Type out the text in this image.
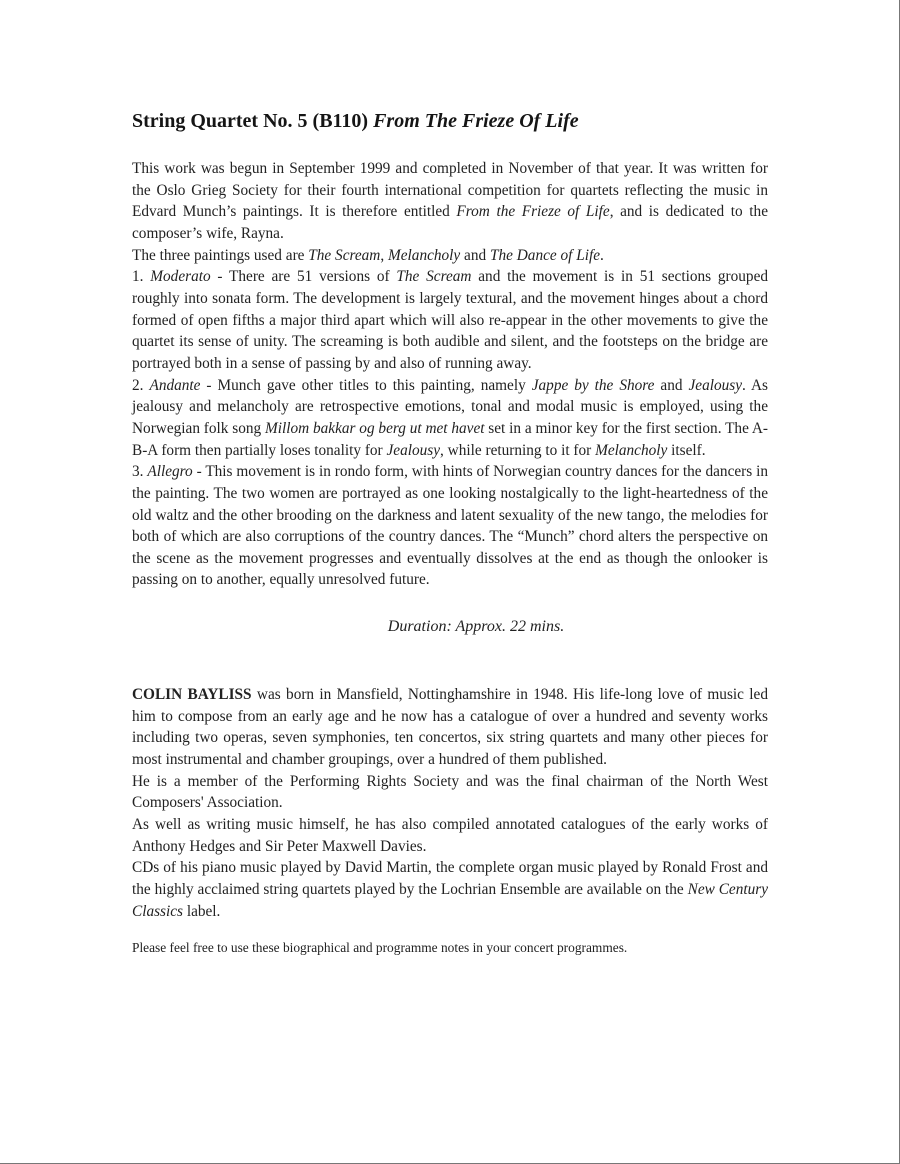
String Quartet No. 5 (B110) From The Frieze Of Life
This work was begun in September 1999 and completed in November of that year. It was written for the Oslo Grieg Society for their fourth international competition for quartets reflecting the music in Edvard Munch’s paintings. It is therefore entitled From the Frieze of Life, and is dedicated to the composer’s wife, Rayna.
The three paintings used are The Scream, Melancholy and The Dance of Life.
1. Moderato - There are 51 versions of The Scream and the movement is in 51 sections grouped roughly into sonata form. The development is largely textural, and the movement hinges about a chord formed of open fifths a major third apart which will also re-appear in the other movements to give the quartet its sense of unity. The screaming is both audible and silent, and the footsteps on the bridge are portrayed both in a sense of passing by and also of running away.
2. Andante - Munch gave other titles to this painting, namely Jappe by the Shore and Jealousy. As jealousy and melancholy are retrospective emotions, tonal and modal music is employed, using the Norwegian folk song Millom bakkar og berg ut met havet set in a minor key for the first section. The A-B-A form then partially loses tonality for Jealousy, while returning to it for Melancholy itself.
3. Allegro - This movement is in rondo form, with hints of Norwegian country dances for the dancers in the painting. The two women are portrayed as one looking nostalgically to the light-heartedness of the old waltz and the other brooding on the darkness and latent sexuality of the new tango, the melodies for both of which are also corruptions of the country dances. The “Munch” chord alters the perspective on the scene as the movement progresses and eventually dissolves at the end as though the onlooker is passing on to another, equally unresolved future.

Duration: Approx. 22 mins.

COLIN BAYLISS was born in Mansfield, Nottinghamshire in 1948. His life-long love of music led him to compose from an early age and he now has a catalogue of over a hundred and seventy works including two operas, seven symphonies, ten concertos, six string quartets and many other pieces for most instrumental and chamber groupings, over a hundred of them published.
He is a member of the Performing Rights Society and was the final chairman of the North West Composers' Association.
As well as writing music himself, he has also compiled annotated catalogues of the early works of Anthony Hedges and Sir Peter Maxwell Davies.
CDs of his piano music played by David Martin, the complete organ music played by Ronald Frost and the highly acclaimed string quartets played by the Lochrian Ensemble are available on the New Century Classics label.

Please feel free to use these biographical and programme notes in your concert programmes.
